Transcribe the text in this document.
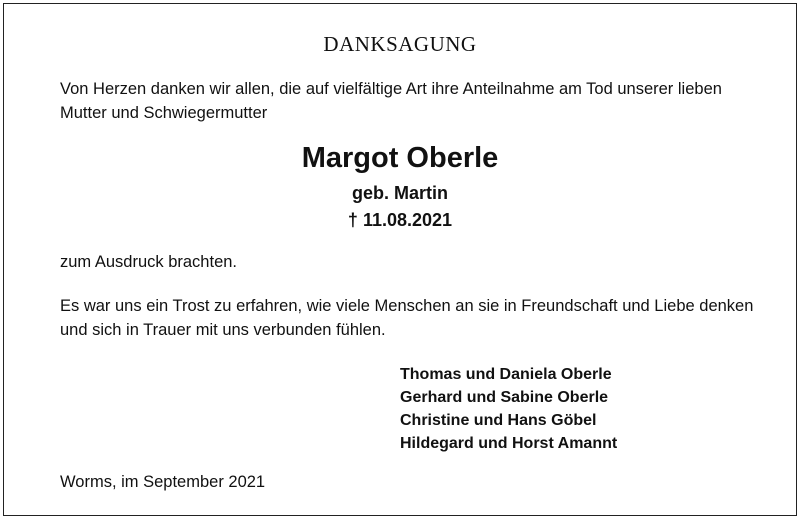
DANKSAGUNG
Von Herzen danken wir allen, die auf vielfältige Art ihre Anteilnahme am Tod unserer lieben Mutter und Schwiegermutter
Margot Oberle
geb. Martin
† 11.08.2021
zum Ausdruck brachten.
Es war uns ein Trost zu erfahren, wie viele Menschen an sie in Freundschaft und Liebe denken und sich in Trauer mit uns verbunden fühlen.
Thomas und Daniela Oberle
Gerhard und Sabine Oberle
Christine und Hans Göbel
Hildegard und Horst Amannt
Worms, im September 2021
